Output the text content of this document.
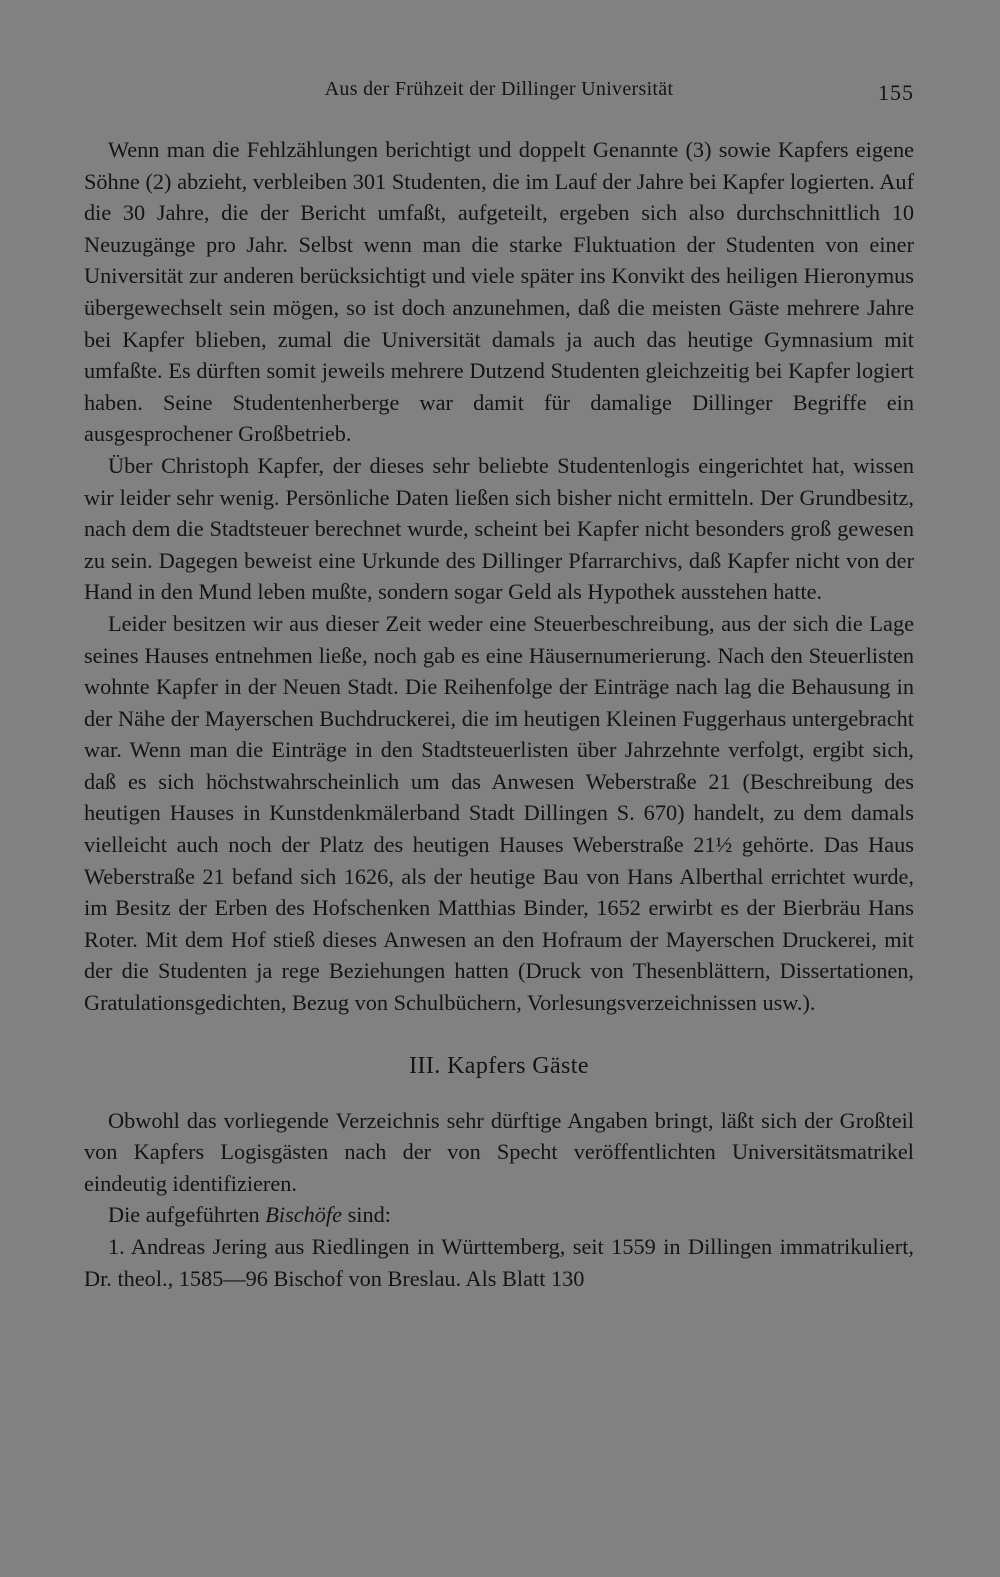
Aus der Frühzeit der Dillinger Universität	155

Wenn man die Fehlzählungen berichtigt und doppelt Genannte (3) sowie Kapfers eigene Söhne (2) abzieht, verbleiben 301 Studenten, die im Lauf der Jahre bei Kapfer logierten. Auf die 30 Jahre, die der Bericht umfaßt, aufgeteilt, ergeben sich also durchschnittlich 10 Neuzugänge pro Jahr. Selbst wenn man die starke Fluktuation der Studenten von einer Universität zur anderen berücksichtigt und viele später ins Konvikt des heiligen Hieronymus übergewechselt sein mögen, so ist doch anzunehmen, daß die meisten Gäste mehrere Jahre bei Kapfer blieben, zumal die Universität damals ja auch das heutige Gymnasium mit umfaßte. Es dürften somit jeweils mehrere Dutzend Studenten gleichzeitig bei Kapfer logiert haben. Seine Studentenherberge war damit für damalige Dillinger Begriffe ein ausgesprochener Großbetrieb.

Über Christoph Kapfer, der dieses sehr beliebte Studentenlogis eingerichtet hat, wissen wir leider sehr wenig. Persönliche Daten ließen sich bisher nicht ermitteln. Der Grundbesitz, nach dem die Stadtsteuer berechnet wurde, scheint bei Kapfer nicht besonders groß gewesen zu sein. Dagegen beweist eine Urkunde des Dillinger Pfarrarchivs, daß Kapfer nicht von der Hand in den Mund leben mußte, sondern sogar Geld als Hypothek ausstehen hatte.

Leider besitzen wir aus dieser Zeit weder eine Steuerbeschreibung, aus der sich die Lage seines Hauses entnehmen ließe, noch gab es eine Häusernumerierung. Nach den Steuerlisten wohnte Kapfer in der Neuen Stadt. Die Reihenfolge der Einträge nach lag die Behausung in der Nähe der Mayerschen Buchdruckerei, die im heutigen Kleinen Fuggerhaus untergebracht war. Wenn man die Einträge in den Stadtsteuerlisten über Jahrzehnte verfolgt, ergibt sich, daß es sich höchstwahrscheinlich um das Anwesen Weberstraße 21 (Beschreibung des heutigen Hauses in Kunstdenkmälerband Stadt Dillingen S. 670) handelt, zu dem damals vielleicht auch noch der Platz des heutigen Hauses Weberstraße 21½ gehörte. Das Haus Weberstraße 21 befand sich 1626, als der heutige Bau von Hans Alberthal errichtet wurde, im Besitz der Erben des Hofschenken Matthias Binder, 1652 erwirbt es der Bierbräu Hans Roter. Mit dem Hof stieß dieses Anwesen an den Hofraum der Mayerschen Druckerei, mit der die Studenten ja rege Beziehungen hatten (Druck von Thesenblättern, Dissertationen, Gratulationsgedichten, Bezug von Schulbüchern, Vorlesungsverzeichnissen usw.).

III. Kapfers Gäste

Obwohl das vorliegende Verzeichnis sehr dürftige Angaben bringt, läßt sich der Großteil von Kapfers Logisgästen nach der von Specht veröffentlichten Universitätsmatrikel eindeutig identifizieren.

Die aufgeführten Bischöfe sind:

1. Andreas Jering aus Riedlingen in Württemberg, seit 1559 in Dillingen immatrikuliert, Dr. theol., 1585—96 Bischof von Breslau. Als Blatt 130
